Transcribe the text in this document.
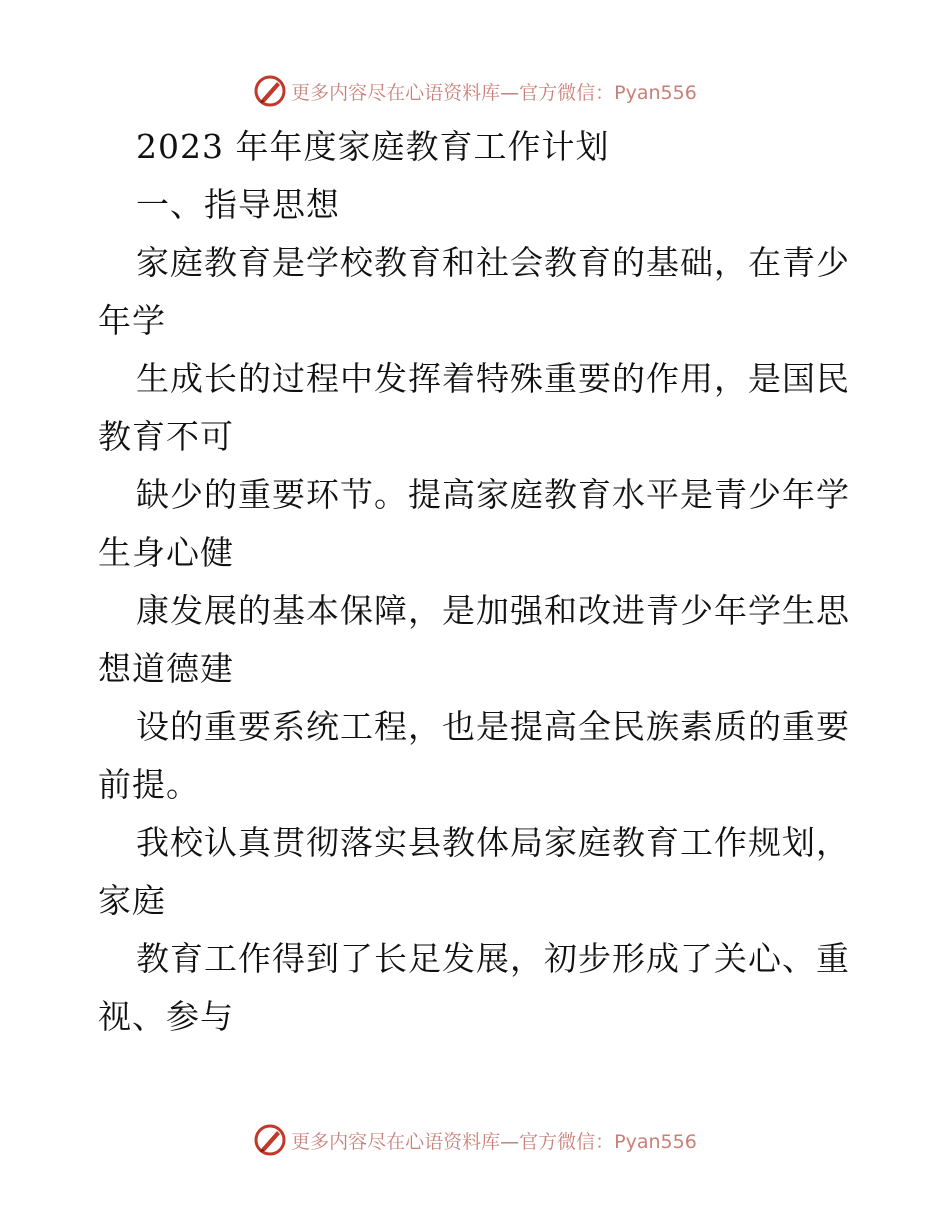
更多内容尽在心语资料库—官方微信：Pyan556
2023 年年度家庭教育工作计划
一、指导思想
家庭教育是学校教育和社会教育的基础，在青少
年学
生成长的过程中发挥着特殊重要的作用，是国民
教育不可
缺少的重要环节。提高家庭教育水平是青少年学
生身心健
康发展的基本保障，是加强和改进青少年学生思
想道德建
设的重要系统工程，也是提高全民族素质的重要
前提。
我校认真贯彻落实县教体局家庭教育工作规划，
家庭
教育工作得到了长足发展，初步形成了关心、重
视、参与
更多内容尽在心语资料库—官方微信：Pyan556
